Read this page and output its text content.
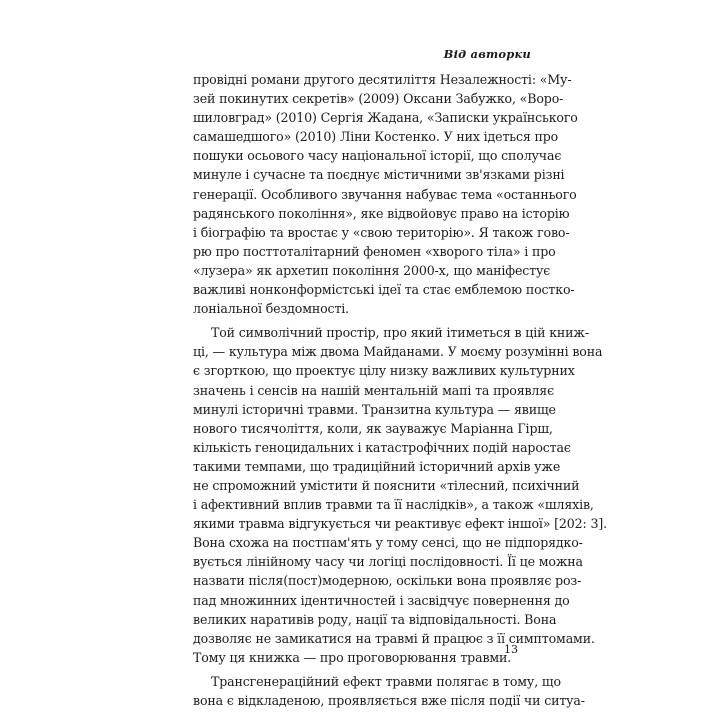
Від авторки
провідні романи другого десятиліття Незалежності: «Му-
зей покинутих секретів» (2009) Оксани Забужко, «Воро-
шиловград» (2010) Сергія Жадана, «Записки українського
самашедшого» (2010) Ліни Костенко. У них ідеться про
пошуки осьового часу національної історії, що сполучає
минуле і сучасне та поєднує містичними зв'язками різні
генерації. Особливого звучання набуває тема «останнього
радянського покоління», яке відвойовує право на історію
і біографію та вростає у «свою територію». Я також гово-
рю про посттоталітарний феномен «хворого тіла» і про
«лузера» як архетип покоління 2000-х, що маніфестує
важливі нонконформістські ідеї та стає емблемою постко-
лоніальної бездомності.
Той символічний простір, про який ітиметься в цій книж-
ці, — культура між двома Майданами. У моєму розумінні вона
є згорткою, що проектує цілу низку важливих культурних
значень і сенсів на нашій ментальній мапі та проявляє
минулі історичні травми. Транзитна культура — явище
нового тисячоліття, коли, як зауважує Маріанна Гірш,
кількість геноцидальних і катастрофічних подій наростає
такими темпами, що традиційний історичний архів уже
не спроможний умістити й пояснити «тілесний, психічний
і афективний вплив травми та її наслідків», а також «шляхів,
якими травма відгукується чи реактивує ефект іншої» [202: 3].
Вона схожа на постпам'ять у тому сенсі, що не підпорядко-
вується лінійному часу чи логіці послідовності. Її це можна
назвати після(пост)модерною, оскільки вона проявляє роз-
пад множинних ідентичностей і засвідчує повернення до
великих наративів роду, нації та відповідальності. Вона
дозволяє не замикатися на травмі й працює з її симптомами.
Тому ця книжка — про проговорювання травми.
Трансгенераційний ефект травми полягає в тому, що
вона є відкладеною, проявляється вже після події чи ситуа-
13
